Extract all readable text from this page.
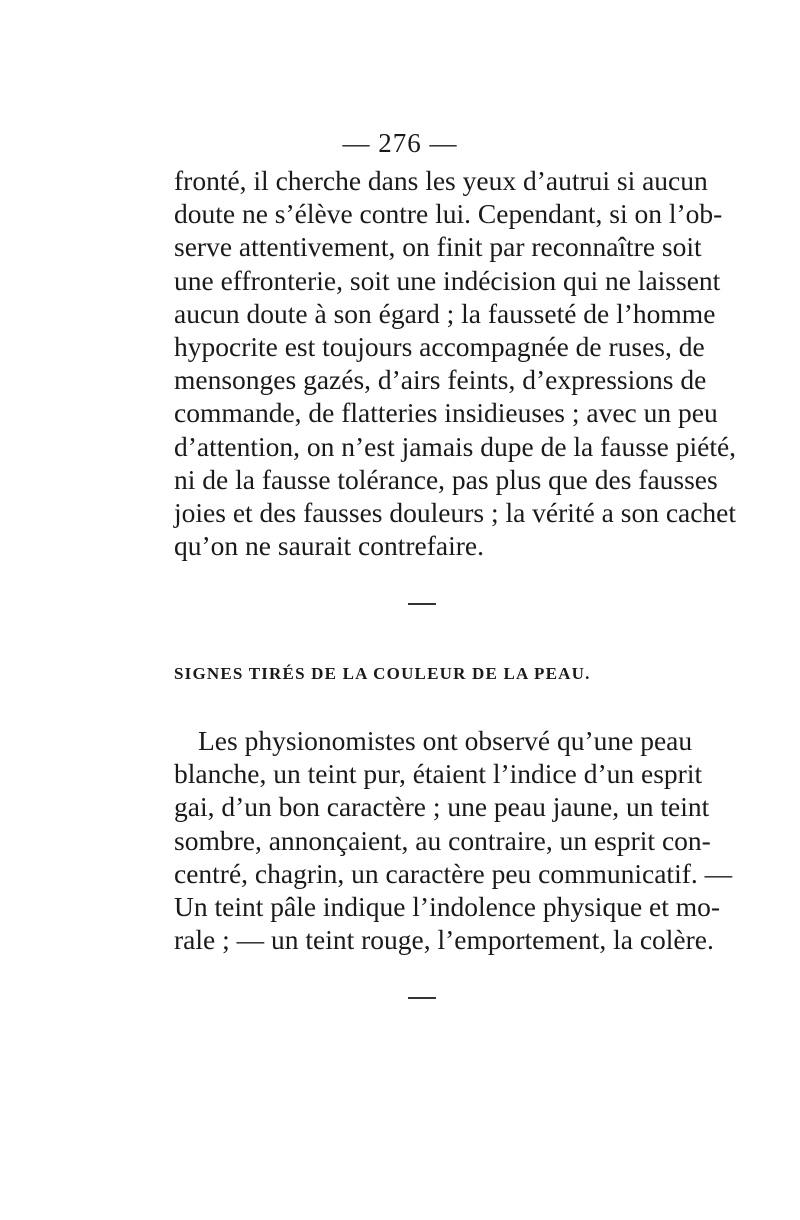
— 276 —

fronté, il cherche dans les yeux d’autrui si aucun
doute ne s’élève contre lui. Cependant, si on l’ob-
serve attentivement, on finit par reconnaître soit
une effronterie, soit une indécision qui ne laissent
aucun doute à son égard ; la fausseté de l’homme
hypocrite est toujours accompagnée de ruses, de
mensonges gazés, d’airs feints, d’expressions de
commande, de flatteries insidieuses ; avec un peu
d’attention, on n’est jamais dupe de la fausse piété,
ni de la fausse tolérance, pas plus que des fausses
joies et des fausses douleurs ; la vérité a son cachet
qu’on ne saurait contrefaire.

SIGNES TIRÉS DE LA COULEUR DE LA PEAU.

Les physionomistes ont observé qu’une peau
blanche, un teint pur, étaient l’indice d’un esprit
gai, d’un bon caractère ; une peau jaune, un teint
sombre, annonçaient, au contraire, un esprit con-
centré, chagrin, un caractère peu communicatif. —
Un teint pâle indique l’indolence physique et mo-
rale ; — un teint rouge, l’emportement, la colère.
